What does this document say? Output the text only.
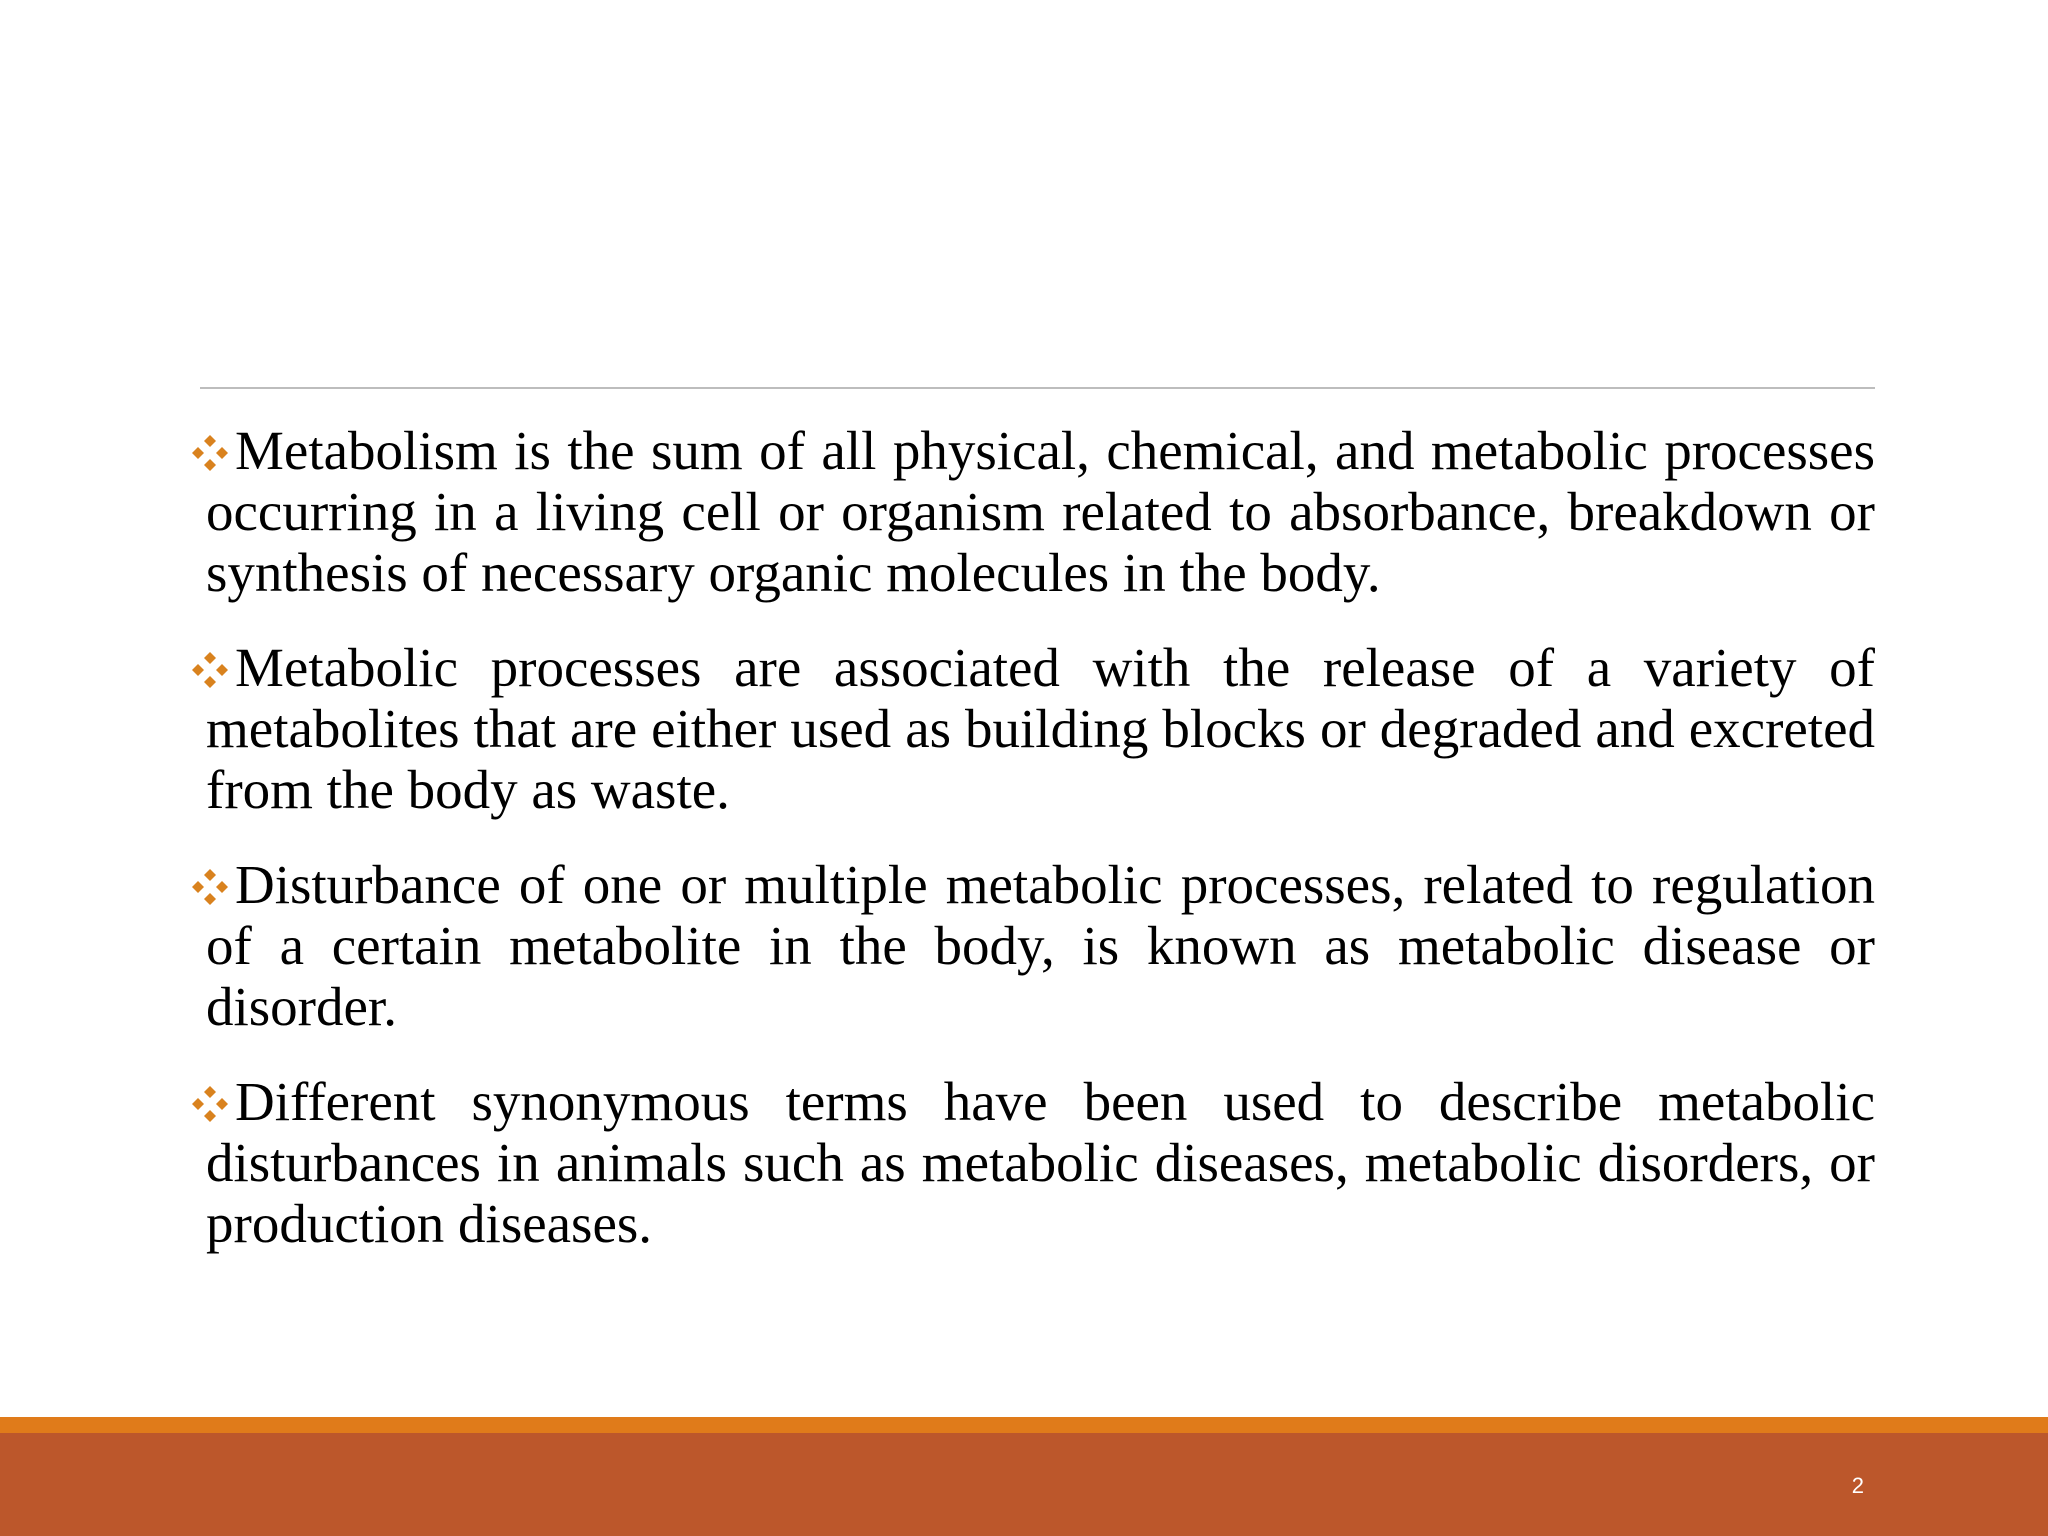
Metabolism is the sum of all physical, chemical, and metabolic processes occurring in a living cell or organism related to absorbance, breakdown or synthesis of necessary organic molecules in the body.
Metabolic processes are associated with the release of a variety of metabolites that are either used as building blocks or degraded and excreted from the body as waste.
Disturbance of one or multiple metabolic processes, related to regulation of a certain metabolite in the body, is known as metabolic disease or disorder.
Different synonymous terms have been used to describe metabolic disturbances in animals such as metabolic diseases, metabolic disorders, or production diseases.
2
